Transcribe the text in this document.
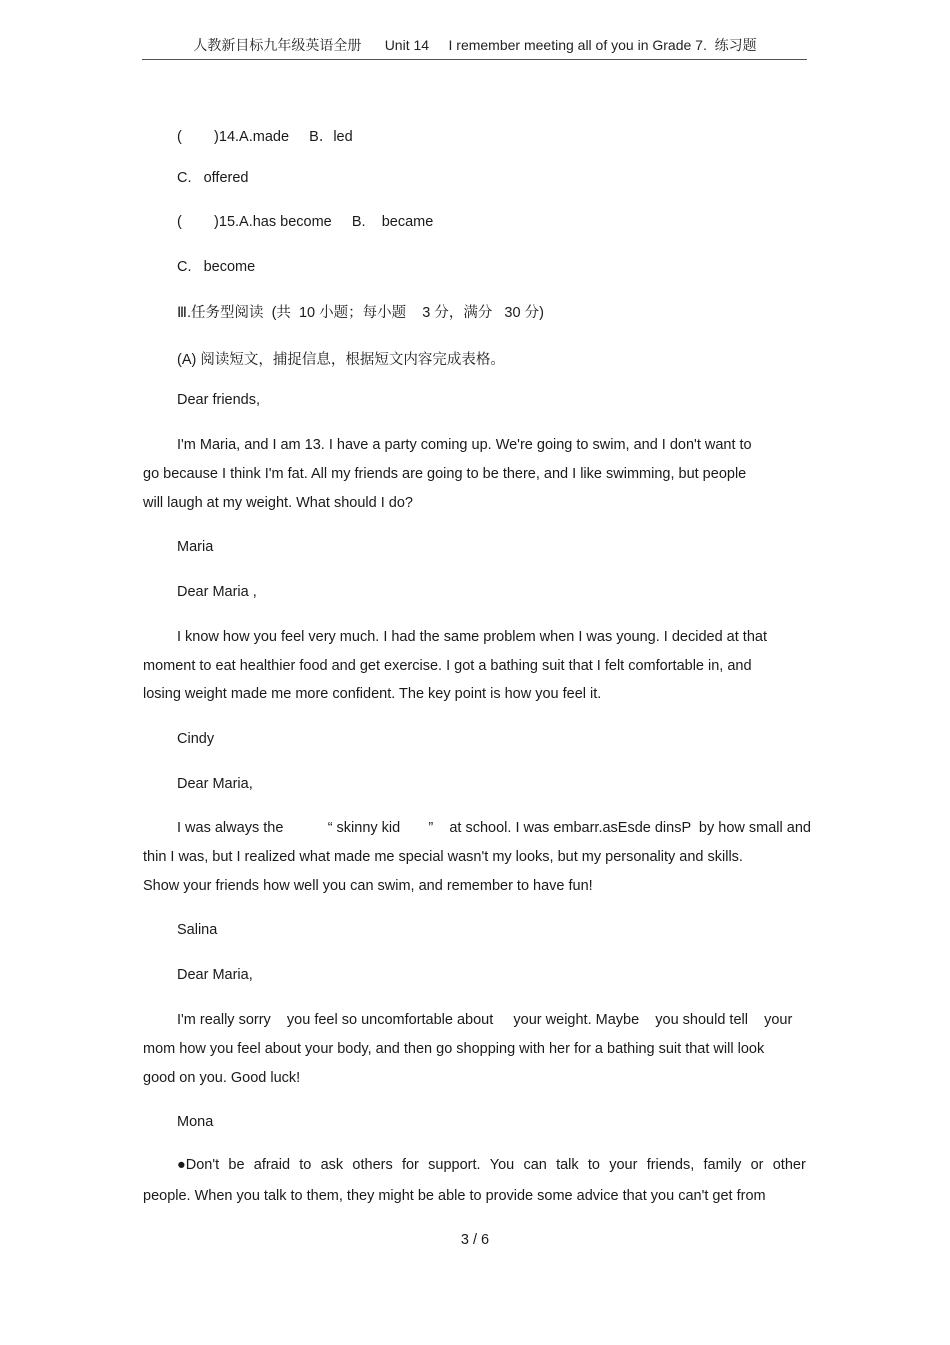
人教新目标九年级英语全册      Unit 14     I remember meeting all of you in Grade 7.  练习题
(        )14.A.made     B．led
C.   offered
(        )15.A.has become     B.    became
C.   become
Ⅲ.任务型阅读  (共  10 小题；每小题    3 分，满分   30 分)
(A) 阅读短文，捕捉信息，根据短文内容完成表格。
Dear friends,
I'm Maria, and I am 13. I have a party coming up. We're going to swim, and I don't want to
go because I think I'm fat. All my friends are going to be there, and I like swimming, but people
will laugh at my weight. What should I do?
Maria
Dear Maria ,
I know how you feel very much. I had the same problem when I was young. I decided at that
moment to eat healthier food and get exercise. I got a bathing suit that I felt comfortable in, and
losing weight made me more confident. The key point is how you feel it.
Cindy
Dear Maria,
I was always the           “ skinny kid       ”    at school. I was embarr.asEsde dinsP  by how small and
thin I was, but I realized what made me special wasn't my looks, but my personality and skills.
Show your friends how well you can swim, and remember to have fun!
Salina
Dear Maria,
I'm really sorry    you feel so uncomfortable about     your weight. Maybe    you should tell    your
mom how you feel about your body, and then go shopping with her for a bathing suit that will look
good on you. Good luck!
Mona
●Don't be afraid to ask others for support. You can talk to your friends, family or other
people. When you talk to them, they might be able to provide some advice that you can't get from
3 / 6
